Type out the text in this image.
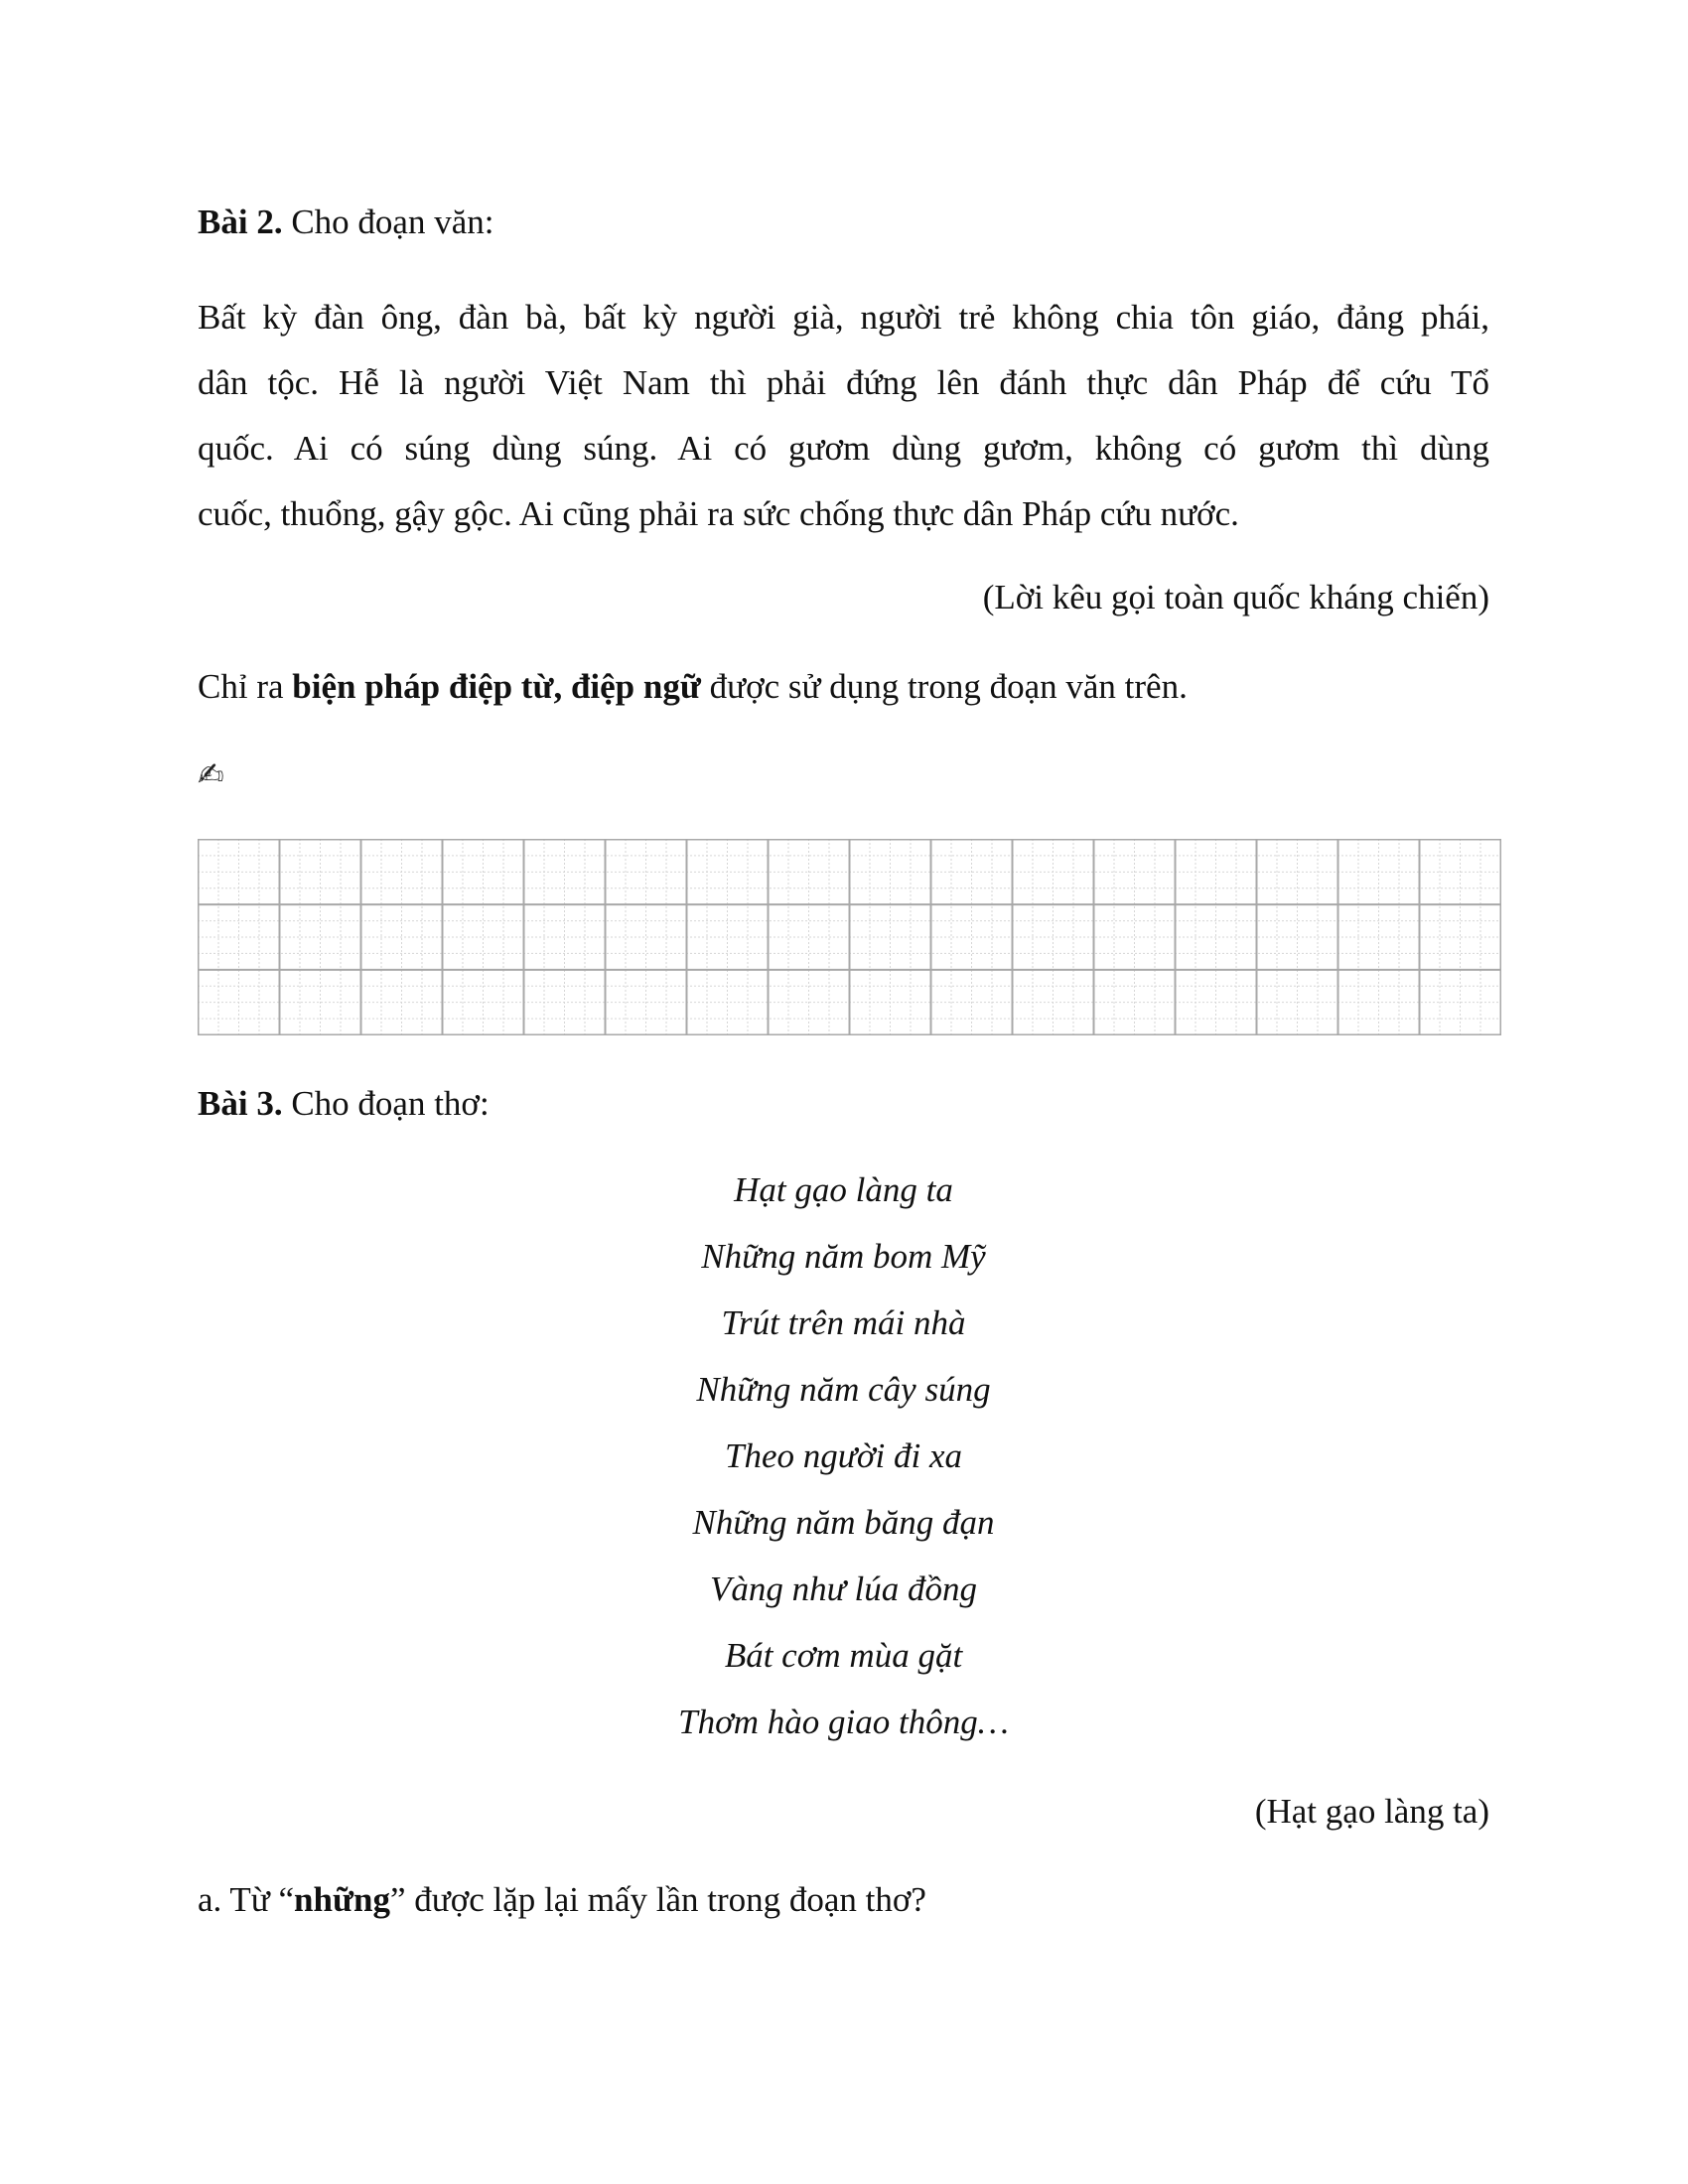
Bài 2. Cho đoạn văn:
Bất kỳ đàn ông, đàn bà, bất kỳ người già, người trẻ không chia tôn giáo, đảng phái,
dân tộc. Hễ là người Việt Nam thì phải đứng lên đánh thực dân Pháp để cứu Tổ
quốc. Ai có súng dùng súng. Ai có gươm dùng gươm, không có gươm thì dùng
cuốc, thuổng, gậy gộc. Ai cũng phải ra sức chống thực dân Pháp cứu nước.
(Lời kêu gọi toàn quốc kháng chiến)
Chỉ ra biện pháp điệp từ, điệp ngữ được sử dụng trong đoạn văn trên.
✍
Bài 3. Cho đoạn thơ:
Hạt gạo làng ta
Những năm bom Mỹ
Trút trên mái nhà
Những năm cây súng
Theo người đi xa
Những năm băng đạn
Vàng như lúa đồng
Bát cơm mùa gặt
Thơm hào giao thông…
(Hạt gạo làng ta)
a. Từ “những” được lặp lại mấy lần trong đoạn thơ?
